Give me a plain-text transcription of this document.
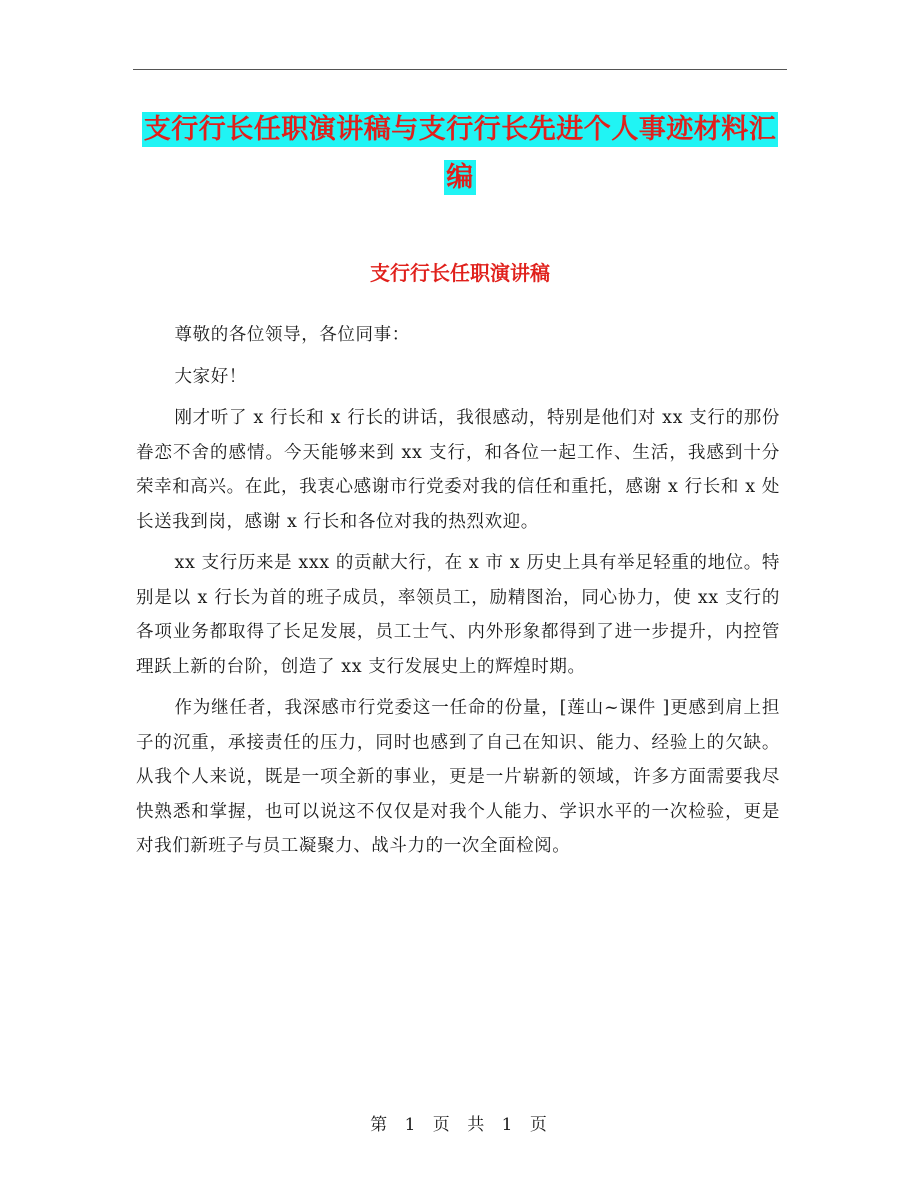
支行行长任职演讲稿与支行行长先进个人事迹材料汇编
支行行长任职演讲稿

尊敬的各位领导，各位同事：

大家好！

刚才听了 x 行长和 x 行长的讲话，我很感动，特别是他们对 xx 支行的那份眷恋不舍的感情。今天能够来到 xx 支行，和各位一起工作、生活，我感到十分荣幸和高兴。在此，我衷心感谢市行党委对我的信任和重托，感谢 x 行长和 x 处长送我到岗，感谢 x 行长和各位对我的热烈欢迎。

xx 支行历来是 xxx 的贡献大行，在 x 市 x 历史上具有举足轻重的地位。特别是以 x 行长为首的班子成员，率领员工，励精图治，同心协力，使 xx 支行的各项业务都取得了长足发展，员工士气、内外形象都得到了进一步提升，内控管理跃上新的台阶，创造了 xx 支行发展史上的辉煌时期。

作为继任者，我深感市行党委这一任命的份量，[莲山~课件 ]更感到肩上担子的沉重，承接责任的压力，同时也感到了自己在知识、能力、经验上的欠缺。从我个人来说，既是一项全新的事业，更是一片崭新的领域，许多方面需要我尽快熟悉和掌握，也可以说这不仅仅是对我个人能力、学识水平的一次检验，更是对我们新班子与员工凝聚力、战斗力的一次全面检阅。

第 1 页 共 1 页
